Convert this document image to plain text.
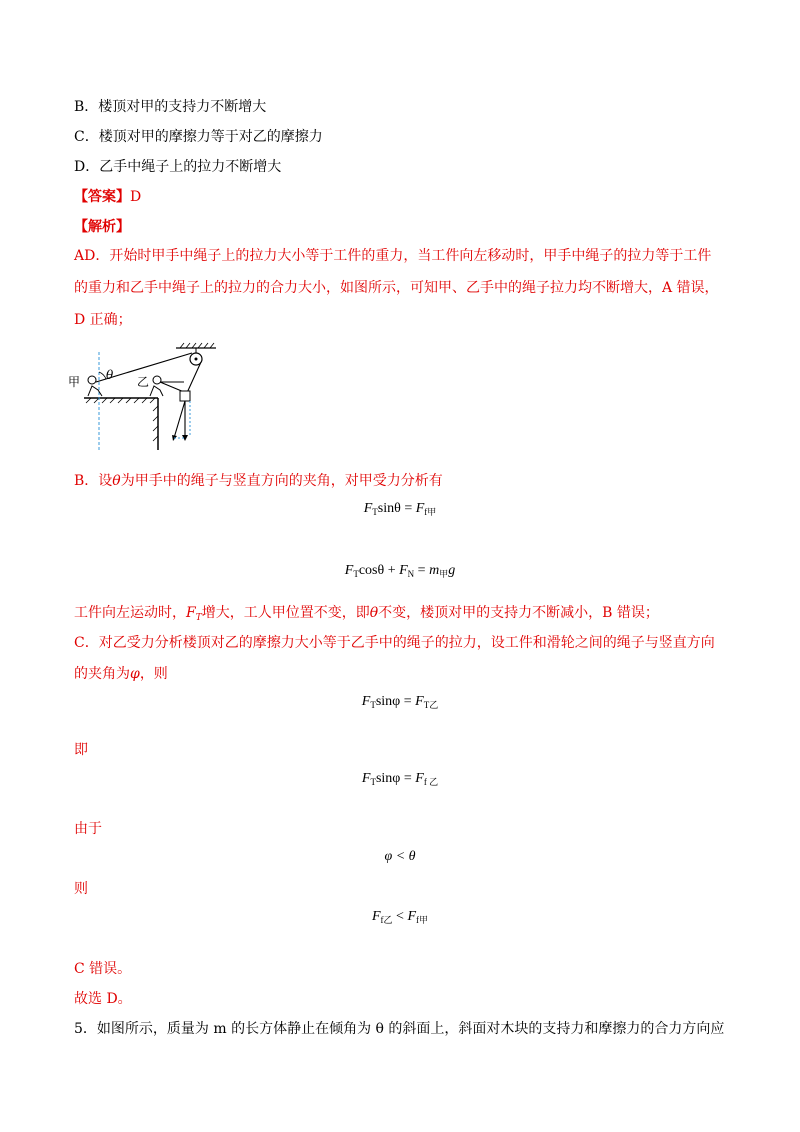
B．楼顶对甲的支持力不断增大
C．楼顶对甲的摩擦力等于对乙的摩擦力
D．乙手中绳子上的拉力不断增大
【答案】D
【解析】
AD．开始时甲手中绳子上的拉力大小等于工件的重力，当工件向左移动时，甲手中绳子的拉力等于工件
的重力和乙手中绳子上的拉力的合力大小，如图所示，可知甲、乙手中的绳子拉力均不断增大，A 错误，
D 正确；
甲	乙
θ
B．设θ为甲手中的绳子与竖直方向的夹角，对甲受力分析有
$F_T\sin\theta = F_{f甲}$
$F_T\cos\theta + F_N = m_甲g$
工件向左运动时，$F_T$增大，工人甲位置不变，即θ不变，楼顶对甲的支持力不断减小，B 错误；
C．对乙受力分析楼顶对乙的摩擦力大小等于乙手中的绳子的拉力，设工件和滑轮之间的绳子与竖直方向
的夹角为φ，则
$F_T\sin\varphi = F_{T乙}$
即
$F_T\sin\varphi = F_{f 乙}$
由于
φ < θ
则
$F_{f乙} < F_{f甲}$
C 错误。
故选 D。
5．如图所示，质量为 m 的长方体静止在倾角为 θ 的斜面上，斜面对木块的支持力和摩擦力的合力方向应
